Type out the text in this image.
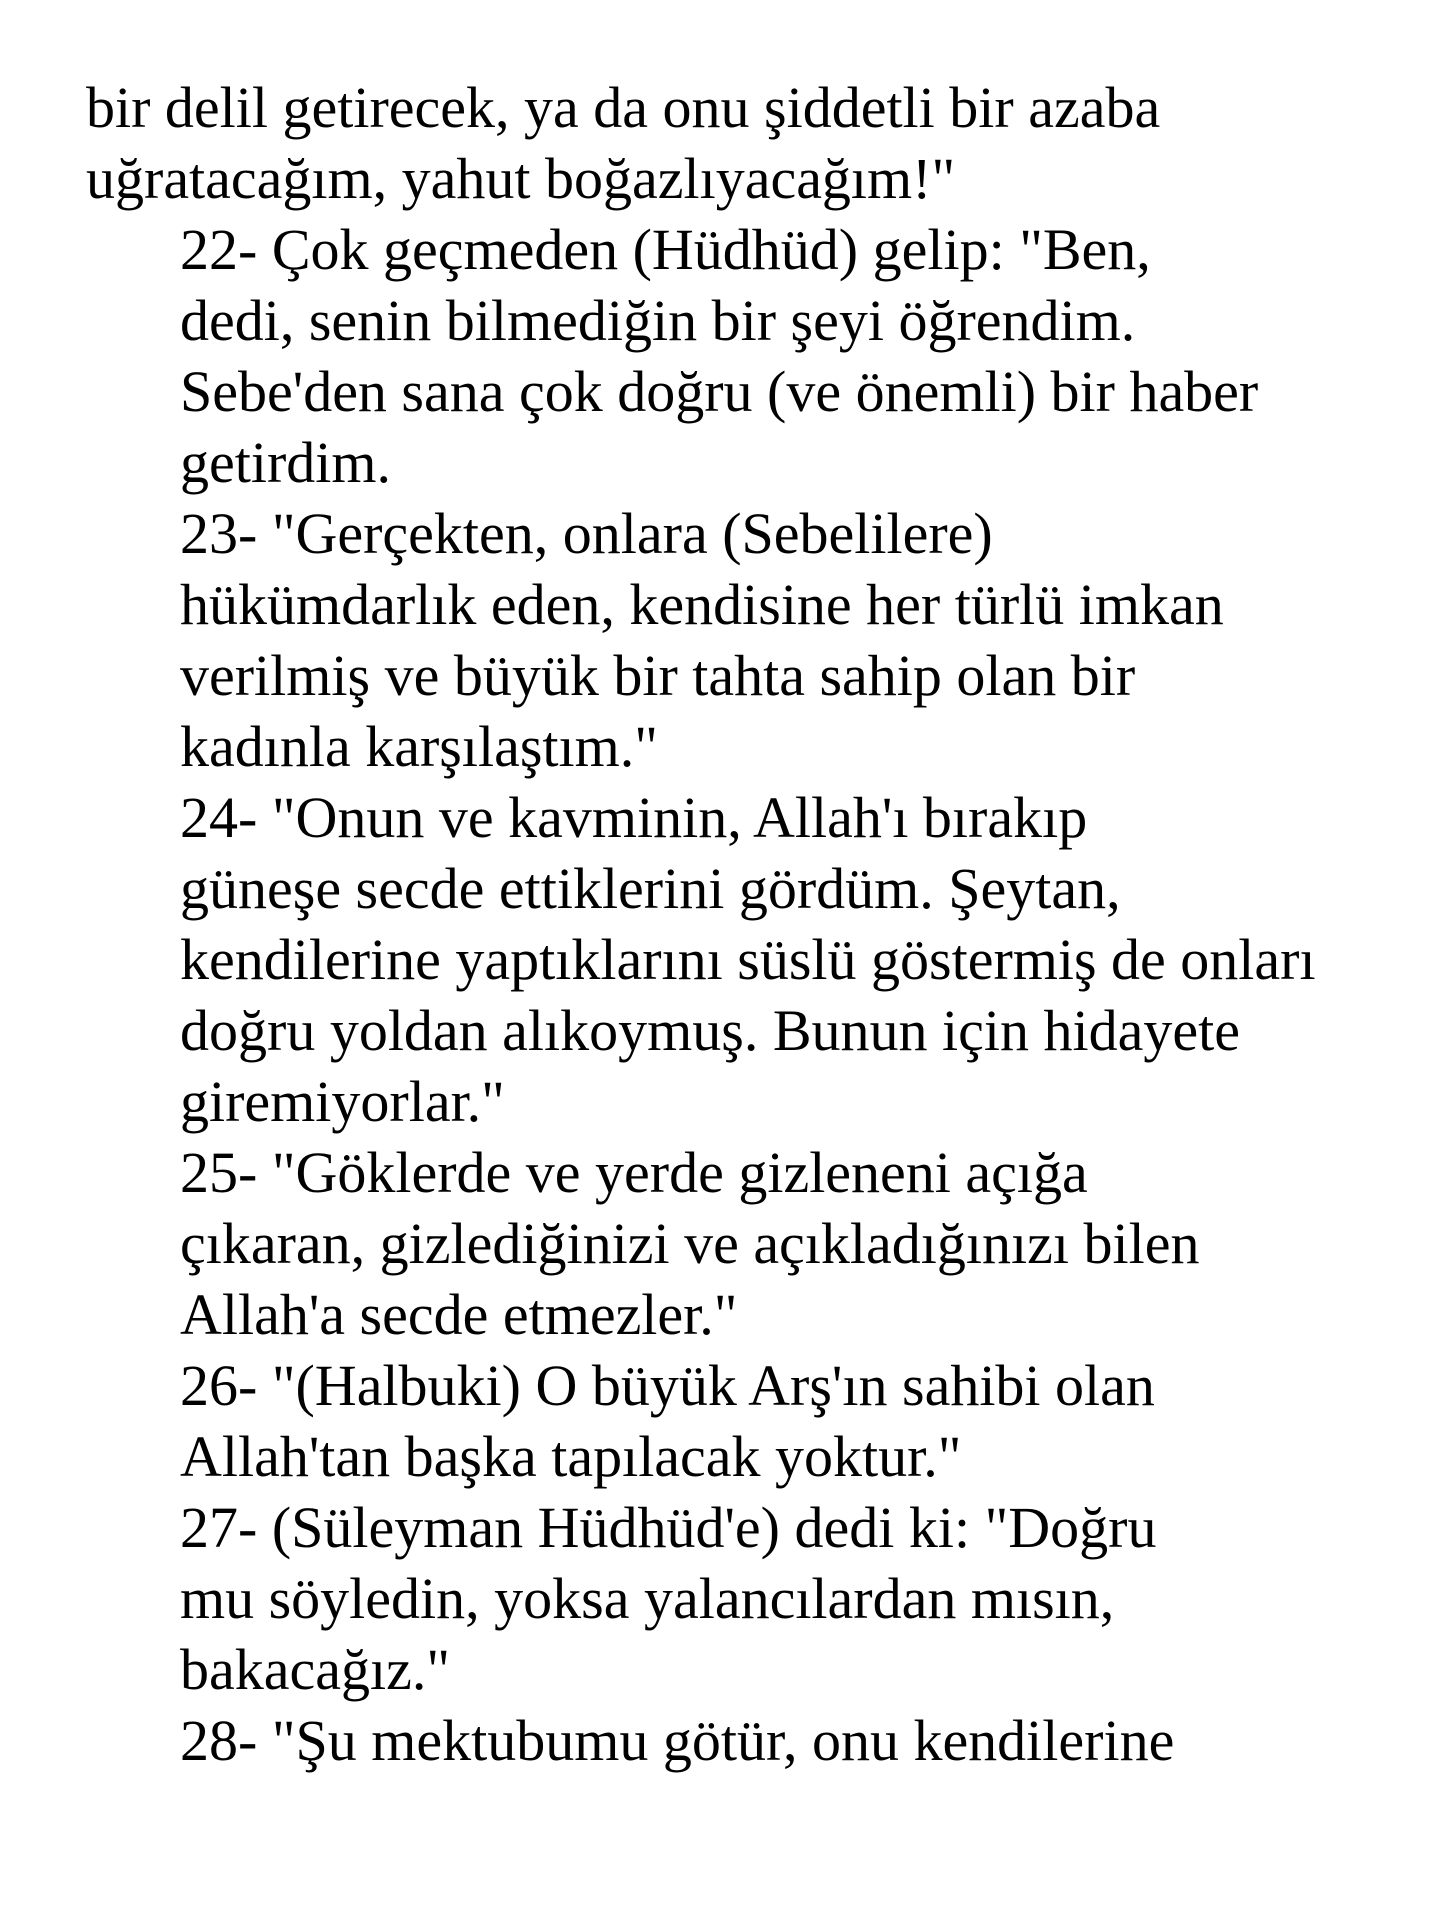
bir delil getirecek, ya da onu şiddetli bir azaba
uğratacağım, yahut boğazlıyacağım!"

22- Çok geçmeden (Hüdhüd) gelip: "Ben,
dedi, senin bilmediğin bir şeyi öğrendim.
Sebe'den sana çok doğru (ve önemli) bir haber
getirdim.

23- "Gerçekten, onlara (Sebelilere)
hükümdarlık eden, kendisine her türlü imkan
verilmiş ve büyük bir tahta sahip olan bir
kadınla karşılaştım."

24- "Onun ve kavminin, Allah'ı bırakıp
güneşe secde ettiklerini gördüm. Şeytan,
kendilerine yaptıklarını süslü göstermiş de onları
doğru yoldan alıkoymuş. Bunun için hidayete
giremiyorlar."

25- "Göklerde ve yerde gizleneni açığa
çıkaran, gizlediğinizi ve açıkladığınızı bilen
Allah'a secde etmezler."

26- "(Halbuki) O büyük Arş'ın sahibi olan
Allah'tan başka tapılacak yoktur."

27- (Süleyman Hüdhüd'e) dedi ki: "Doğru
mu söyledin, yoksa yalancılardan mısın,
bakacağız."

28- "Şu mektubumu götür, onu kendilerine
